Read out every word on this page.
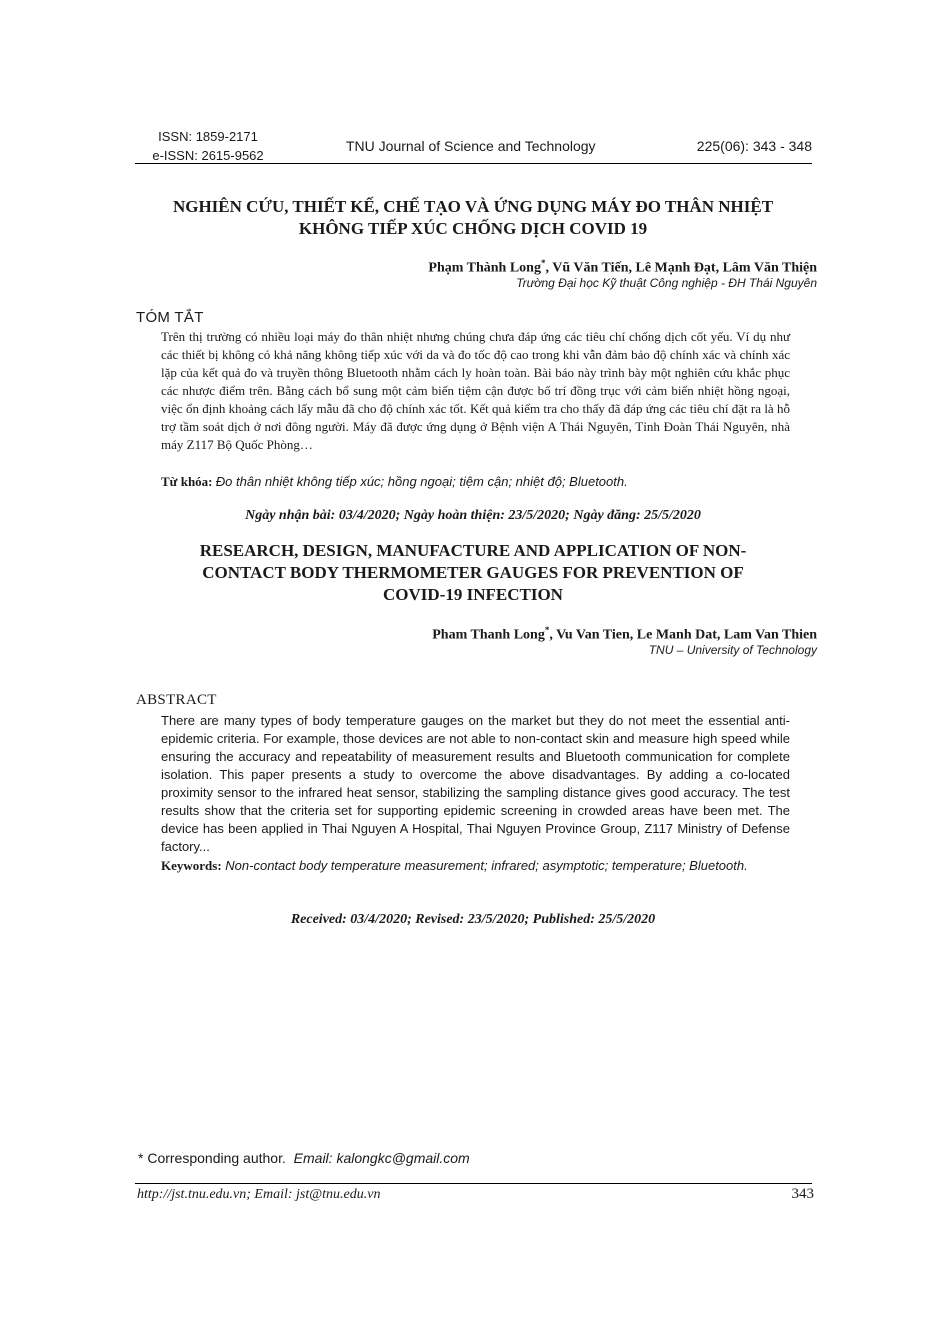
ISSN: 1859-2171
e-ISSN: 2615-9562
TNU Journal of Science and Technology	225(06): 343 - 348
NGHIÊN CỨU, THIẾT KẾ, CHẾ TẠO VÀ ỨNG DỤNG MÁY ĐO THÂN NHIỆT
KHÔNG TIẾP XÚC CHỐNG DỊCH COVID 19
Phạm Thành Long*, Vũ Văn Tiến, Lê Mạnh Đạt, Lâm Văn Thiện
Trường Đại học Kỹ thuật Công nghiệp - ĐH Thái Nguyên
TÓM TẮT
Trên thị trường có nhiều loại máy đo thân nhiệt nhưng chúng chưa đáp ứng các tiêu chí chống dịch cốt yếu. Ví dụ như các thiết bị không có khả năng không tiếp xúc với da và đo tốc độ cao trong khi vẫn đảm bảo độ chính xác và chính xác lặp của kết quả đo và truyền thông Bluetooth nhằm cách ly hoàn toàn. Bài báo này trình bày một nghiên cứu khắc phục các nhược điểm trên. Bằng cách bổ sung một cảm biến tiệm cận được bố trí đồng trục với cảm biến nhiệt hồng ngoại, việc ổn định khoảng cách lấy mẫu đã cho độ chính xác tốt. Kết quả kiểm tra cho thấy đã đáp ứng các tiêu chí đặt ra là hỗ trợ tầm soát dịch ở nơi đông người. Máy đã được ứng dụng ở Bệnh viện A Thái Nguyên, Tỉnh Đoàn Thái Nguyên, nhà máy Z117 Bộ Quốc Phòng…
Từ khóa: Đo thân nhiệt không tiếp xúc; hồng ngoại; tiệm cận; nhiệt độ; Bluetooth.
Ngày nhận bài: 03/4/2020; Ngày hoàn thiện: 23/5/2020; Ngày đăng: 25/5/2020
RESEARCH, DESIGN, MANUFACTURE AND APPLICATION OF NON-
CONTACT BODY THERMOMETER GAUGES FOR PREVENTION OF
COVID-19 INFECTION
Pham Thanh Long*, Vu Van Tien, Le Manh Dat, Lam Van Thien
TNU – University of Technology
ABSTRACT
There are many types of body temperature gauges on the market but they do not meet the essential anti-epidemic criteria. For example, those devices are not able to non-contact skin and measure high speed while ensuring the accuracy and repeatability of measurement results and Bluetooth communication for complete isolation. This paper presents a study to overcome the above disadvantages. By adding a co-located proximity sensor to the infrared heat sensor, stabilizing the sampling distance gives good accuracy. The test results show that the criteria set for supporting epidemic screening in crowded areas have been met. The device has been applied in Thai Nguyen A Hospital, Thai Nguyen Province Group, Z117 Ministry of Defense factory...
Keywords: Non-contact body temperature measurement; infrared; asymptotic; temperature; Bluetooth.
Received: 03/4/2020; Revised: 23/5/2020; Published: 25/5/2020
* Corresponding author. Email: kalongkc@gmail.com
http://jst.tnu.edu.vn; Email: jst@tnu.edu.vn	343
